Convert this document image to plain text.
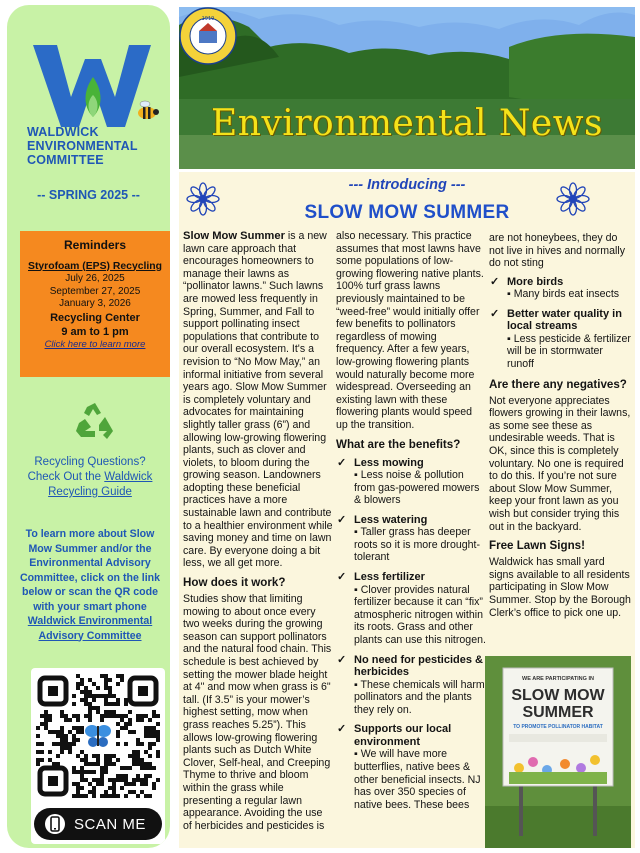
WALDWICK
ENVIRONMENTAL
COMMITTEE
-- SPRING 2025 --
Reminders
Styrofoam (EPS) Recycling
July 26, 2025
September 27, 2025
January 3, 2026
Recycling Center
9 am to 1 pm
Click here to learn more
Recycling Questions?
Check Out the Waldwick Recycling Guide
To learn more about Slow Mow Summer and/or the Environmental Advisory Committee, click on the link below or scan the QR code with your smart phone
Waldwick Environmental Advisory Committee
SCAN ME
Environmental News
1919
--- Introducing ---
SLOW MOW SUMMER

Slow Mow Summer is a new lawn care approach that encourages homeowners to manage their lawns as “pollinator lawns.” Such lawns are mowed less frequently in Spring, Summer, and Fall to support pollinating insect populations that contribute to our overall ecosystem. It's a revision to “No Mow May,” an informal initiative from several years ago. Slow Mow Summer is completely voluntary and advocates for maintaining slightly taller grass (6”) and allowing low-growing flowering plants, such as clover and violets, to bloom during the growing season. Landowners adopting these beneficial practices have a more sustainable lawn and contribute to a healthier environment while saving money and time on lawn care. By everyone doing a bit less, we all get more.

How does it work?

Studies show that limiting mowing to about once every two weeks during the growing season can support pollinators and the natural food chain. This schedule is best achieved by setting the mower blade height at 4" and mow when grass is 6" tall. (If 3.5” is your mower’s highest setting, mow when grass reaches 5.25”). This allows low-growing flowering plants such as Dutch White Clover, Self-heal, and Creeping Thyme to thrive and bloom within the grass while presenting a regular lawn appearance. Avoiding the use of herbicides and pesticides is

also necessary. This practice assumes that most lawns have some populations of low-growing flowering native plants. 100% turf grass lawns previously maintained to be “weed-free” would initially offer few benefits to pollinators regardless of mowing frequency. After a few years, low-growing flowering plants would naturally become more widespread. Overseeding an existing lawn with these flowering plants would speed up the transition.

What are the benefits?
✓ Less mowing
▪ Less noise & pollution from gas-powered mowers & blowers
✓ Less watering
▪ Taller grass has deeper roots so it is more drought-tolerant
✓ Less fertilizer
▪ Clover provides natural fertilizer because it can “fix” atmospheric nitrogen within its roots. Grass and other plants can use this nitrogen.
✓ No need for pesticides & herbicides
▪ These chemicals will harm pollinators and the plants they rely on.
✓ Supports our local environment
▪ We will have more butterflies, native bees & other beneficial insects. NJ has over 350 species of native bees. These bees

are not honeybees, they do not live in hives and normally do not sting

✓ More birds
▪ Many birds eat insects
✓ Better water quality in local streams
▪ Less pesticide & fertilizer will be in stormwater runoff
Are there any negatives?

Not everyone appreciates flowers growing in their lawns, as some see these as undesirable weeds. That is OK, since this is completely voluntary. No one is required to do this. If you’re not sure about Slow Mow Summer, keep your front lawn as you wish but consider trying this out in the backyard.

Free Lawn Signs!

Waldwick has small yard signs available to all residents participating in Slow Mow Summer. Stop by the Borough Clerk’s office to pick one up.

WE ARE PARTICIPATING IN
SLOW MOW
SUMMER
TO PROMOTE POLLINATOR HABITAT
